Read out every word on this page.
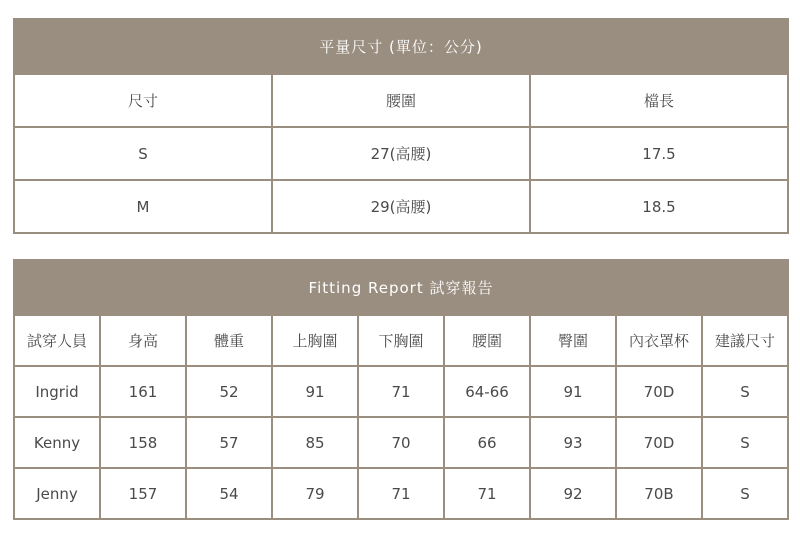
平量尺寸 (單位：公分)		
尺寸	腰圍	檔長
S	27(高腰)	17.5
M	29(高腰)	18.5
Fitting Report 試穿報告								
試穿人員	身高	體重	上胸圍	下胸圍	腰圍	臀圍	內衣罩杯	建議尺寸
Ingrid	161	52	91	71	64-66	91	70D	S
Kenny	158	57	85	70	66	93	70D	S
Jenny	157	54	79	71	71	92	70B	S
